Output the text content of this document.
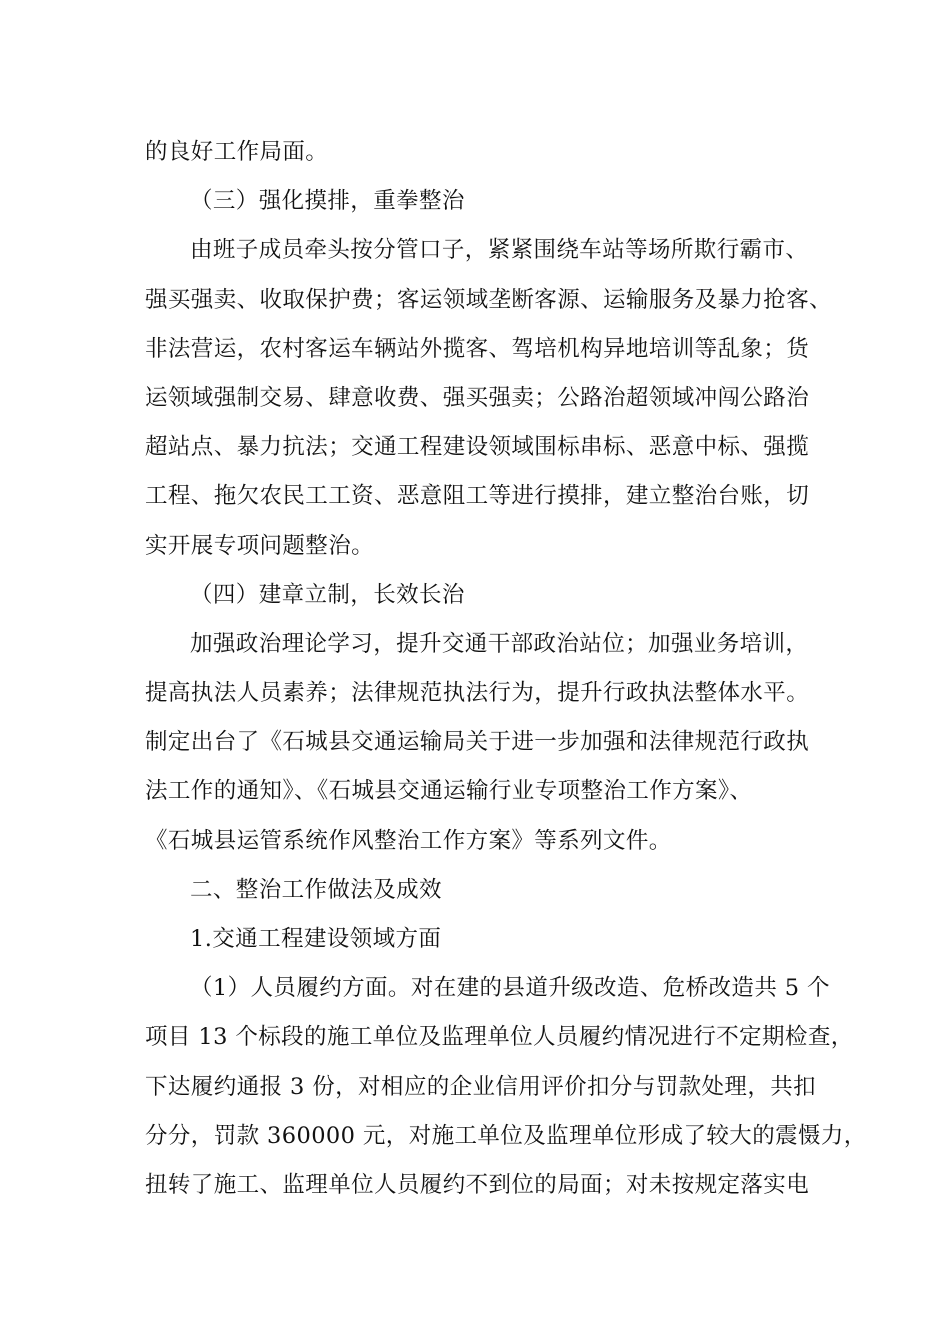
的良好工作局面。
（三）强化摸排，重拳整治
由班子成员牵头按分管口子，紧紧围绕车站等场所欺行霸市、
强买强卖、收取保护费；客运领域垄断客源、运输服务及暴力抢客、
非法营运，农村客运车辆站外揽客、驾培机构异地培训等乱象；货
运领域强制交易、肆意收费、强买强卖；公路治超领域冲闯公路治
超站点、暴力抗法；交通工程建设领域围标串标、恶意中标、强揽
工程、拖欠农民工工资、恶意阻工等进行摸排，建立整治台账，切
实开展专项问题整治。
（四）建章立制，长效长治
加强政治理论学习，提升交通干部政治站位；加强业务培训，
提高执法人员素养；法律规范执法行为，提升行政执法整体水平。
制定出台了《石城县交通运输局关于进一步加强和法律规范行政执
法工作的通知》、《石城县交通运输行业专项整治工作方案》、
《石城县运管系统作风整治工作方案》等系列文件。
二、整治工作做法及成效
1.交通工程建设领域方面
（1）人员履约方面。对在建的县道升级改造、危桥改造共 5 个
项目 13 个标段的施工单位及监理单位人员履约情况进行不定期检查，
下达履约通报 3 份，对相应的企业信用评价扣分与罚款处理，共扣
分分，罚款 360000 元，对施工单位及监理单位形成了较大的震慑力，
扭转了施工、监理单位人员履约不到位的局面；对未按规定落实电
